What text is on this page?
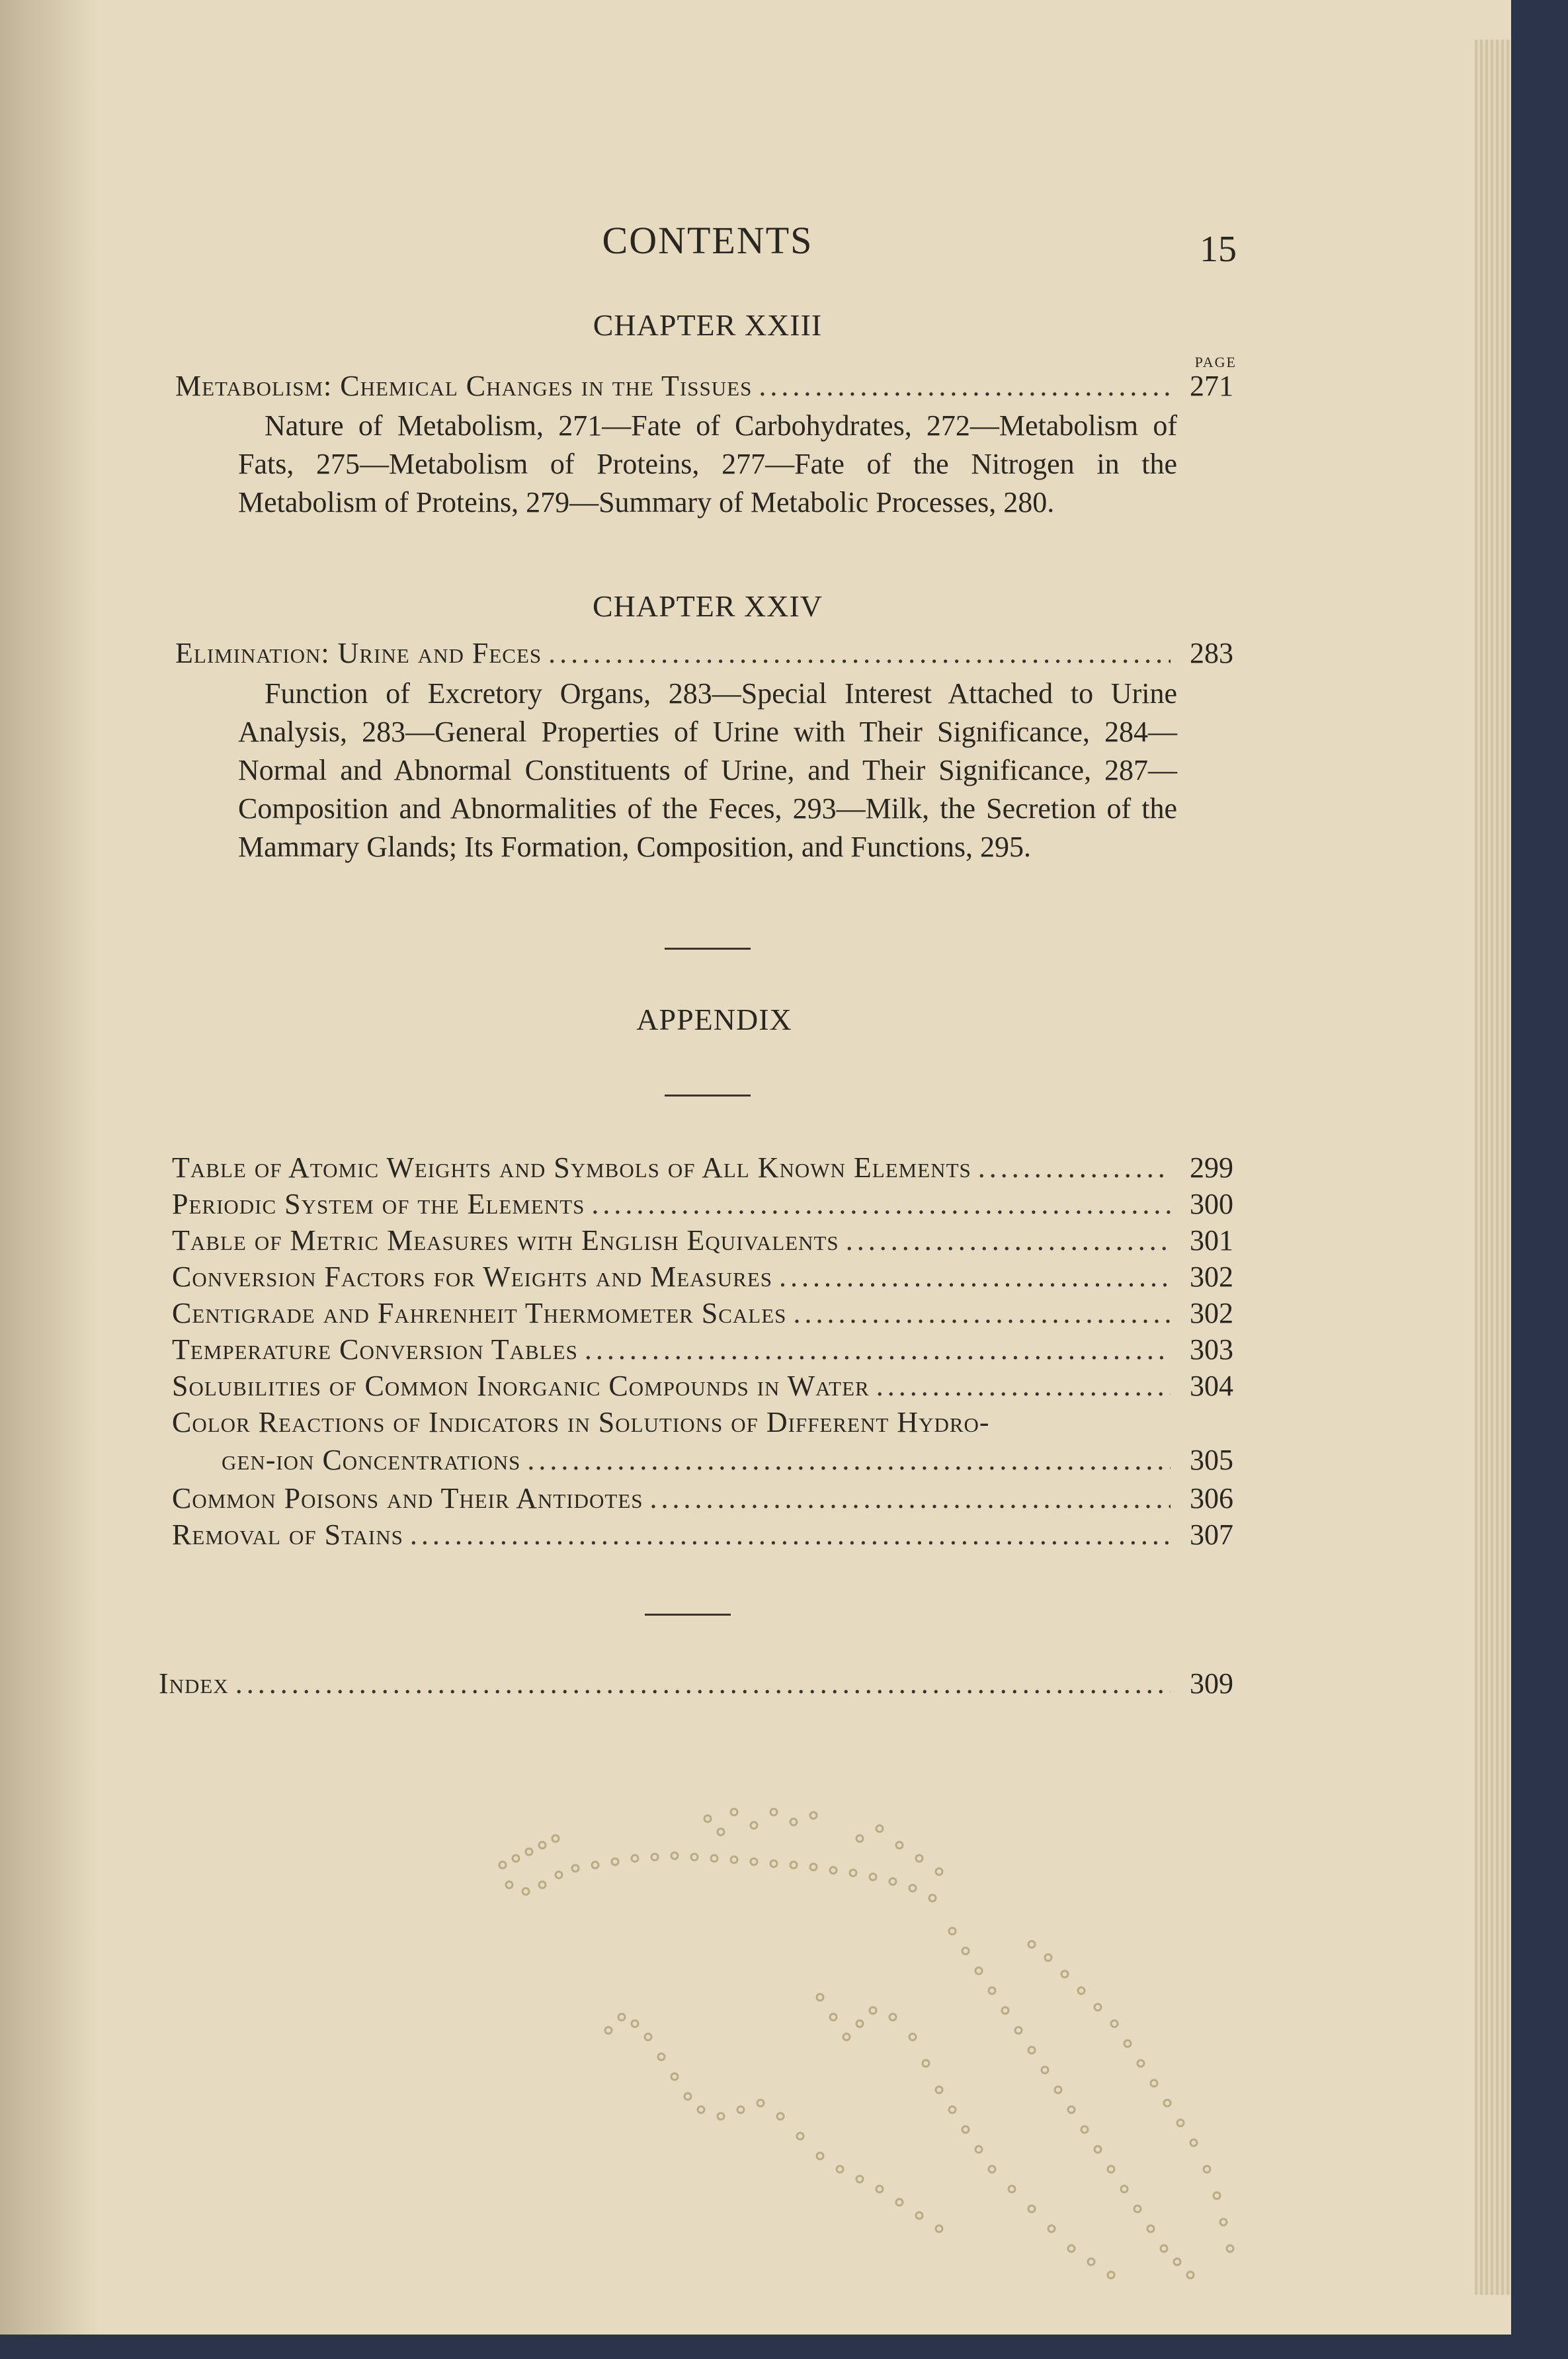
CONTENTS	15
CHAPTER XXIII
PAGE
Metabolism: Chemical Changes in the Tissues .....	271
Nature of Metabolism, 271—Fate of Carbohydrates, 272—Metabolism of Fats, 275—Metabolism of Proteins, 277—Fate of the Nitrogen in the Metabolism of Proteins, 279—Summary of Metabolic Processes, 280.
CHAPTER XXIV
Elimination: Urine and Feces .....	283
Function of Excretory Organs, 283—Special Interest Attached to Urine Analysis, 283—General Properties of Urine with Their Significance, 284—Normal and Abnormal Constituents of Urine, and Their Significance, 287—Composition and Abnormalities of the Feces, 293—Milk, the Secretion of the Mammary Glands; Its Formation, Composition, and Functions, 295.
APPENDIX
Table of Atomic Weights and Symbols of All Known Elements .....	299
Periodic System of the Elements .....	300
Table of Metric Measures with English Equivalents .....	301
Conversion Factors for Weights and Measures .....	302
Centigrade and Fahrenheit Thermometer Scales .....	302
Temperature Conversion Tables .....	303
Solubilities of Common Inorganic Compounds in Water .....	304
Color Reactions of Indicators in Solutions of Different Hydro-
gen-ion Concentrations .....	305
Common Poisons and Their Antidotes .....	306
Removal of Stains .....	307
Index .....	309
